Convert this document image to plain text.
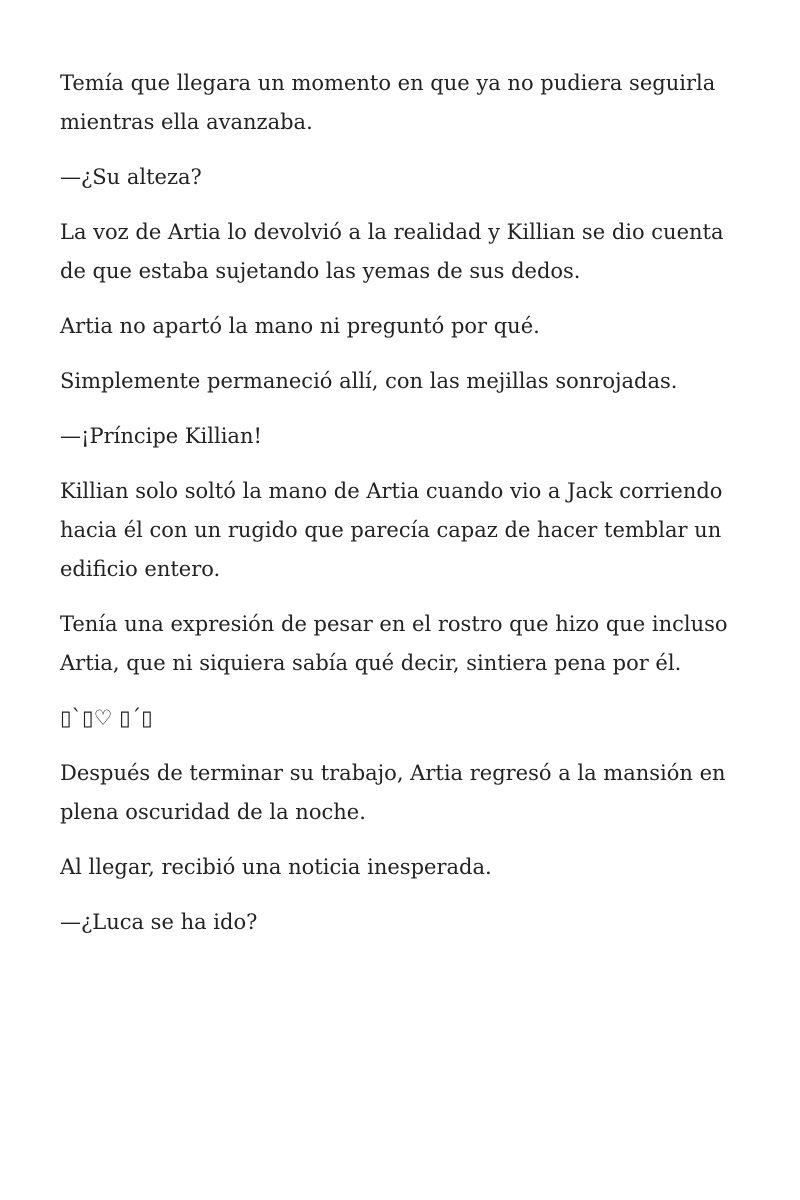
Temía que llegara un momento en que ya no pudiera seguirla mientras ella avanzaba.

—¿Su alteza?

La voz de Artia lo devolvió a la realidad y Killian se dio cuenta de que estaba sujetando las yemas de sus dedos.

Artia no apartó la mano ni preguntó por qué.

Simplemente permaneció allí, con las mejillas sonrojadas.

—¡Príncipe Killian!

Killian solo soltó la mano de Artia cuando vio a Jack corriendo hacia él con un rugido que parecía capaz de hacer temblar un edificio entero.

Tenía una expresión de pesar en el rostro que hizo que incluso Artia, que ni siquiera sabía qué decir, sintiera pena por él.

▯`▯♡ ▯´▯

Después de terminar su trabajo, Artia regresó a la mansión en plena oscuridad de la noche.

Al llegar, recibió una noticia inesperada.

—¿Luca se ha ido?
